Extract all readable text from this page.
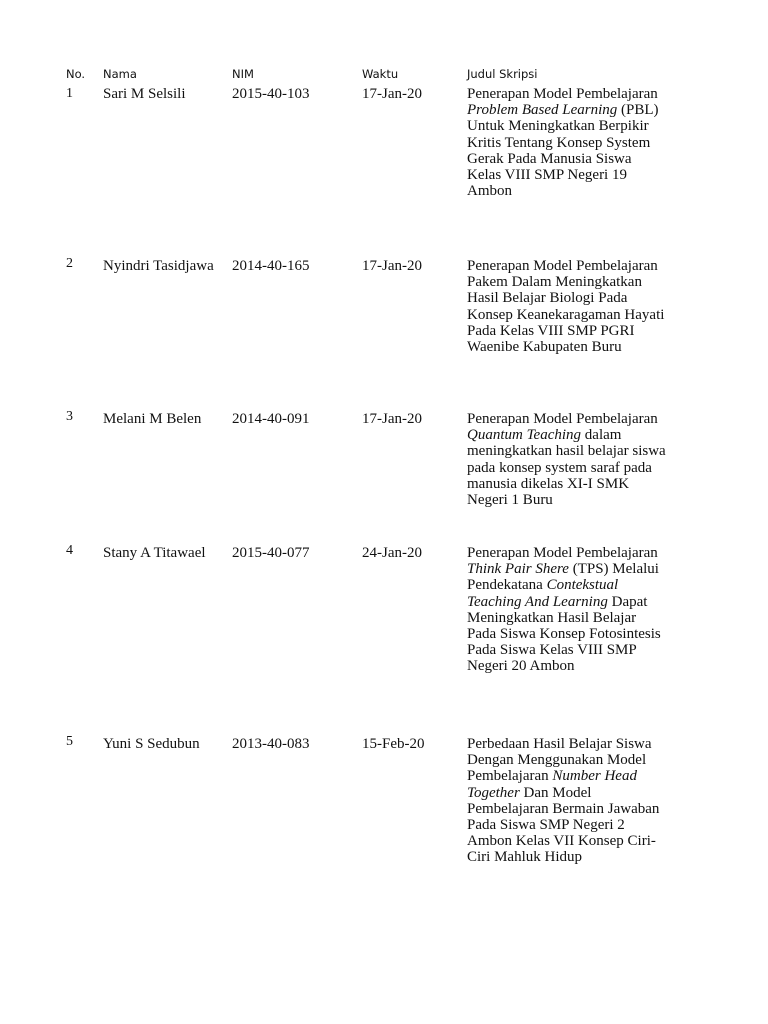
No.	Nama	NIM	Waktu	Judul Skripsi
1	Sari M Selsili	2015-40-103	17-Jan-20	Penerapan Model Pembelajaran Problem Based Learning (PBL) Untuk Meningkatkan Berpikir Kritis Tentang Konsep System Gerak Pada Manusia Siswa Kelas VIII SMP Negeri 19 Ambon
2	Nyindri Tasidjawa	2014-40-165	17-Jan-20	Penerapan Model Pembelajaran Pakem Dalam Meningkatkan Hasil Belajar Biologi Pada Konsep Keanekaragaman Hayati Pada Kelas VIII SMP PGRI Waenibe Kabupaten Buru
3	Melani M Belen	2014-40-091	17-Jan-20	Penerapan Model Pembelajaran Quantum Teaching dalam meningkatkan hasil belajar siswa pada konsep system saraf pada manusia dikelas XI-I SMK Negeri 1 Buru
4	Stany A Titawael	2015-40-077	24-Jan-20	Penerapan Model Pembelajaran Think Pair Shere (TPS) Melalui Pendekatana Contekstual Teaching And Learning Dapat Meningkatkan Hasil Belajar Pada Siswa Konsep Fotosintesis Pada Siswa Kelas VIII SMP Negeri 20 Ambon
5	Yuni S Sedubun	2013-40-083	15-Feb-20	Perbedaan Hasil Belajar Siswa Dengan Menggunakan Model Pembelajaran Number Head Together Dan Model Pembelajaran Bermain Jawaban Pada Siswa SMP Negeri 2 Ambon Kelas VII Konsep Ciri-Ciri Mahluk Hidup
